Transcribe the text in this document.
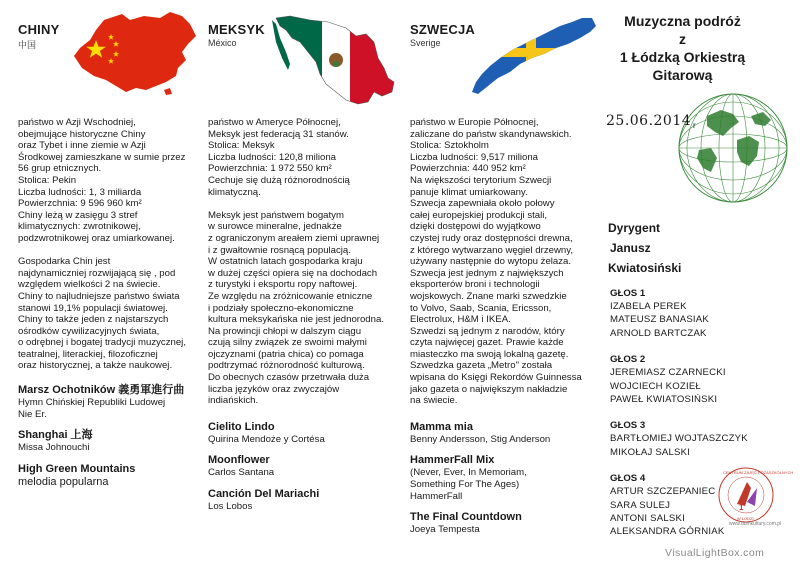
CHINY
中国

państwo w Azji Wschodniej,
obejmujące historyczne Chiny
oraz Tybet i inne ziemie w Azji
Środkowej zamieszkane w sumie przez
56 grup etnicznych.
Stolica: Pekin
Liczba ludności: 1, 3 miliarda
Powierzchnia: 9 596 960 km²
Chiny leżą w zasięgu 3 stref
klimatycznych: zwrotnikowej,
podzwrotnikowej oraz umiarkowanej.

Gospodarka Chin jest
najdynamiczniej rozwijającą się , pod
względem wielkości 2 na świecie.
Chiny to najludniejsze państwo świata
stanowi 19,1% populacji światowej.
Chiny to także jeden z najstarszych
ośrodków cywilizacyjnych świata,
o odrębnej i bogatej tradycji muzycznej,
teatralnej, literackiej, filozoficznej
oraz historycznej, a także naukowej.

Marsz Ochotników 義勇軍進行曲
Hymn Chińskiej Republiki Ludowej
Nie Er.
Shanghai 上海
Missa Johnouchi
High Green Mountains
melodia popularna
MEKSYK
México

państwo w Ameryce Północnej,
Meksyk jest federacją 31 stanów.
Stolica: Meksyk
Liczba ludności: 120,8 miliona
Powierzchnia: 1 972 550 km²
Cechuje się dużą różnorodnością
klimatyczną.

Meksyk jest państwem bogatym
w surowce mineralne, jednakże
z ograniczonym areałem ziemi uprawnej
i z gwałtownie rosnącą populacją.
W ostatnich latach gospodarka kraju
w dużej części opiera się na dochodach
z turystyki i eksportu ropy naftowej.
Ze względu na zróżnicowanie etniczne
i podziały społeczno-ekonomiczne
kultura meksykańska nie jest jednorodna.
Na prowincji chłopi w dalszym ciągu
czują silny związek ze swoimi małymi
ojczyznami (patria chica) co pomaga
podtrzymać różnorodność kulturową.
Do obecnych czasów przetrwała duża
liczba języków oraz zwyczajów
indiańskich.

Cielito Lindo
Quirina Mendoże y Cortésa
Moonflower
Carlos Santana
Canción Del Mariachi
Los Lobos
SZWECJA
Sverige

państwo w Europie Północnej,
zaliczane do państw skandynawskich.
Stolica: Sztokholm
Liczba ludności: 9,517 miliona
Powierzchnia: 440 952 km²
Na większości terytorium Szwecji
panuje klimat umiarkowany.
Szwecja zapewniała około połowy
całej europejskiej produkcji stali,
dzięki dostępowi do wyjątkowo
czystej rudy oraz dostępności drewna,
z którego wytwarzano węgiel drzewny,
używany następnie do wytopu żelaza.
Szwecja jest jednym z największych
eksporterów broni i technologii
wojskowych. Znane marki szwedzkie
to Volvo, Saab, Scania, Ericsson,
Electrolux, H&M i IKEA.
Szwedzi są jednym z narodów, który
czyta najwięcej gazet. Prawie każde
miasteczko ma swoją lokalną gazetę.
Szwedzka gazeta „Metro" została
wpisana do Księgi Rekordów Guinnessa
jako gazeta o największym nakładzie
na świecie.

Mamma mia
Benny Andersson, Stig Anderson
HammerFall Mix
(Never, Ever, In Memoriam,
Something For The Ages)
HammerFall
The Final Countdown
Joeya Tempesta
Muzyczna podróż
z
1 Łódzką Orkiestrą
Gitarową
25.06.2014 r
Dyrygent
Janusz
Kwiatosiński
GŁOS 1
IZABELA PEREK
MATEUSZ BANASIAK
ARNOLD BARTCZAK
GŁOS 2
JEREMIASZ CZARNECKI
WOJCIECH KOZIEŁ
PAWEŁ KWIATOSIŃSKI
GŁOS 3
BARTŁOMIEJ WOJTASZCZYK
MIKOŁAJ SALSKI
GŁOS 4
ARTUR SZCZEPANIEC
SARA SULEJ
ANTONI SALSKI
ALEKSANDRA GÓRNIAK
1
CENTRUM ZAJĘĆ POZASZKOLNYCH
W ŁODZI
www.domkultury.com.pl
VisualLightBox.com
